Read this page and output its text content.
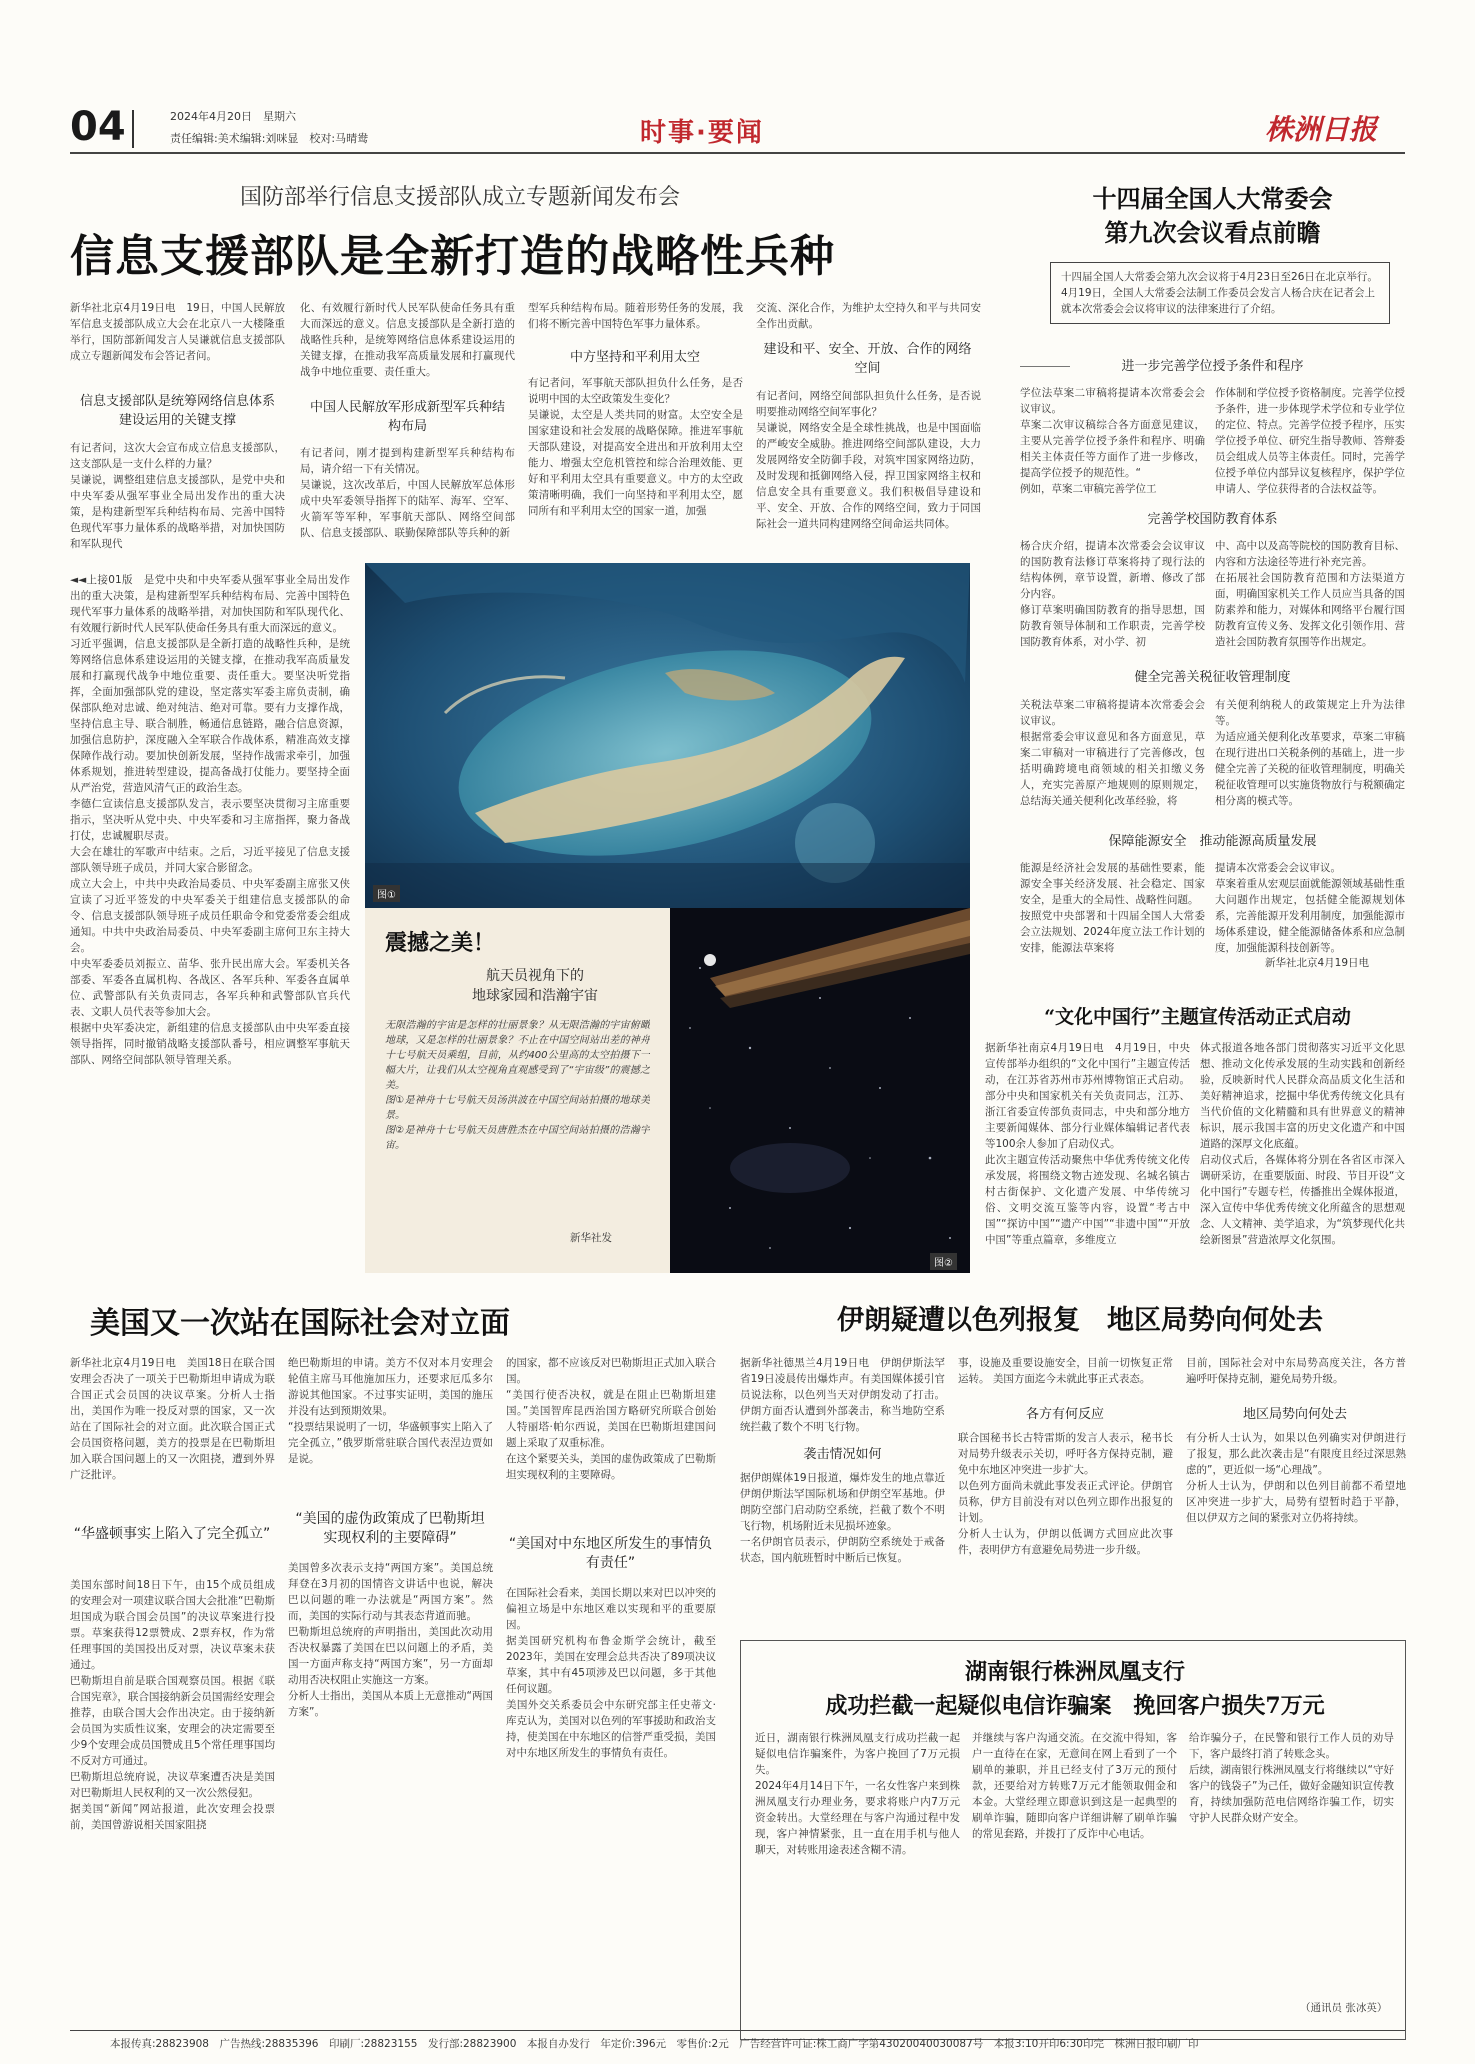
04	2024年4月20日　星期六
责任编辑:美术编辑:刘咪显　校对:马晴鸯	时事·要闻	株洲日报
国防部举行信息支援部队成立专题新闻发布会
信息支援部队是全新打造的战略性兵种
新华社北京4月19日电　19日，中国人民解放军信息支援部队成立大会在北京八一大楼隆重举行，国防部新闻发言人吴谦就信息支援部队成立专题新闻发布会答记者问。
信息支援部队是统筹网络信息体系建设运用的关键支撑
有记者问，这次大会宣布成立信息支援部队，这支部队是一支什么样的力量？
吴谦说，调整组建信息支援部队，是党中央和中央军委从强军事业全局出发作出的重大决策，是构建新型军兵种结构布局、完善中国特色现代军事力量体系的战略举措，对加快国防和军队现代
化、有效履行新时代人民军队使命任务具有重大而深远的意义。信息支援部队是全新打造的战略性兵种，是统筹网络信息体系建设运用的关键支撑，在推动我军高质量发展和打赢现代战争中地位重要、责任重大。
中国人民解放军形成新型军兵种结构布局
有记者问，刚才提到构建新型军兵种结构布局，请介绍一下有关情况。
吴谦说，这次改革后，中国人民解放军总体形成中央军委领导指挥下的陆军、海军、空军、火箭军等军种，军事航天部队、网络空间部队、信息支援部队、联勤保障部队等兵种的新
型军兵种结构布局。随着形势任务的发展，我们将不断完善中国特色军事力量体系。
中方坚持和平利用太空
有记者问，军事航天部队担负什么任务，是否说明中国的太空政策发生变化？
吴谦说，太空是人类共同的财富。太空安全是国家建设和社会发展的战略保障。推进军事航天部队建设，对提高安全进出和开放利用太空能力、增强太空危机管控和综合治理效能、更好和平利用太空具有重要意义。中方的太空政策清晰明确，我们一向坚持和平利用太空，愿同所有和平利用太空的国家一道，加强
交流、深化合作，为维护太空持久和平与共同安全作出贡献。
建设和平、安全、开放、合作的网络空间
有记者问，网络空间部队担负什么任务，是否说明要推动网络空间军事化？
吴谦说，网络安全是全球性挑战，也是中国面临的严峻安全威胁。推进网络空间部队建设，大力发展网络安全防御手段，对筑牢国家网络边防，及时发现和抵御网络入侵，捍卫国家网络主权和信息安全具有重要意义。我们积极倡导建设和平、安全、开放、合作的网络空间，致力于同国际社会一道共同构建网络空间命运共同体。
十四届全国人大常委会
第九次会议看点前瞻
十四届全国人大常委会第九次会议将于4月23日至26日在北京举行。4月19日，全国人大常委会法制工作委员会发言人杨合庆在记者会上就本次常委会会议将审议的法律案进行了介绍。
进一步完善学位授予条件和程序
学位法草案二审稿将提请本次常委会会议审议。
草案二次审议稿综合各方面意见建议，主要从完善学位授予条件和程序、明确相关主体责任等方面作了进一步修改，提高学位授予的规范性。“
例如，草案二审稿完善学位工
作体制和学位授予资格制度。完善学位授予条件，进一步体现学术学位和专业学位的定位、特点。完善学位授予程序，压实学位授予单位、研究生指导教师、答辩委员会组成人员等主体责任。同时，完善学位授予单位内部异议复核程序，保护学位申请人、学位获得者的合法权益等。
完善学校国防教育体系
杨合庆介绍，提请本次常委会会议审议的国防教育法修订草案将持了现行法的结构体例，章节设置，新增、修改了部分内容。
修订草案明确国防教育的指导思想，国防教育领导体制和工作职责，完善学校国防教育体系，对小学、初
中、高中以及高等院校的国防教育目标、内容和方法途径等进行补充完善。
在拓展社会国防教育范围和方法渠道方面，明确国家机关工作人员应当具备的国防素养和能力，对媒体和网络平台履行国防教育宣传义务、发挥文化引领作用、营造社会国防教育氛围等作出规定。
健全完善关税征收管理制度
关税法草案二审稿将提请本次常委会会议审议。
根据常委会审议意见和各方面意见，草案二审稿对一审稿进行了完善修改，包括明确跨境电商领域的相关扣缴义务人，充实完善原产地规则的原则规定，总结海关通关便利化改革经验，将
有关便利纳税人的政策规定上升为法律等。
为适应通关便利化改革要求，草案二审稿在现行进出口关税条例的基础上，进一步健全完善了关税的征收管理制度，明确关税征收管理可以实施货物放行与税额确定相分离的模式等。
保障能源安全　推动能源高质量发展
能源是经济社会发展的基础性要素，能源安全事关经济发展、社会稳定、国家安全，是重大的全局性、战略性问题。
按照党中央部署和十四届全国人大常委会立法规划、2024年度立法工作计划的安排，能源法草案将
提请本次常委会会议审议。
草案着重从宏观层面就能源领域基础性重大问题作出规定，包括健全能源规划体系，完善能源开发利用制度，加强能源市场体系建设，健全能源储备体系和应急制度，加强能源科技创新等。
新华社北京4月19日电
◄◄上接01版　是党中央和中央军委从强军事业全局出发作出的重大决策，是构建新型军兵种结构布局、完善中国特色现代军事力量体系的战略举措，对加快国防和军队现代化、有效履行新时代人民军队使命任务具有重大而深远的意义。
习近平强调，信息支援部队是全新打造的战略性兵种，是统筹网络信息体系建设运用的关键支撑，在推动我军高质量发展和打赢现代战争中地位重要、责任重大。要坚决听党指挥，全面加强部队党的建设，坚定落实军委主席负责制，确保部队绝对忠诚、绝对纯洁、绝对可靠。要有力支撑作战，坚持信息主导、联合制胜，畅通信息链路，融合信息资源，加强信息防护，深度融入全军联合作战体系，精准高效支撑保障作战行动。要加快创新发展，坚持作战需求牵引，加强体系规划，推进转型建设，提高备战打仗能力。要坚持全面从严治党，营造风清气正的政治生态。
李德仁宣读信息支援部队发言，表示要坚决贯彻习主席重要指示，坚决听从党中央、中央军委和习主席指挥，聚力备战打仗，忠诚履职尽责。
大会在雄壮的军歌声中结束。之后，习近平接见了信息支援部队领导班子成员，并同大家合影留念。
成立大会上，中共中央政治局委员、中央军委副主席张又侠宣读了习近平签发的中央军委关于组建信息支援部队的命令、信息支援部队领导班子成员任职命令和党委常委会组成通知。中共中央政治局委员、中央军委副主席何卫东主持大会。
中央军委委员刘振立、苗华、张升民出席大会。军委机关各部委、军委各直属机构、各战区、各军兵种、军委各直属单位、武警部队有关负责同志，各军兵种和武警部队官兵代表、文职人员代表等参加大会。
根据中央军委决定，新组建的信息支援部队由中央军委直接领导指挥，同时撤销战略支援部队番号，相应调整军事航天部队、网络空间部队领导管理关系。
图①
震撼之美！
航天员视角下的
地球家园和浩瀚宇宙
无限浩瀚的宇宙是怎样的壮丽景象？从无限浩瀚的宇宙俯瞰地球，又是怎样的壮丽景象？不止在中国空间站出差的神舟十七号航天员乘组，目前，从约400公里高的太空拍摄下一幅大片，让我们从太空视角直观感受到了“宇宙级”的震撼之美。
图①是神舟十七号航天员汤洪波在中国空间站拍摄的地球美景。
图②是神舟十七号航天员唐胜杰在中国空间站拍摄的浩瀚宇宙。
新华社发
图②
“文化中国行”主题宣传活动正式启动
据新华社南京4月19日电　4月19日，中央宣传部举办组织的“文化中国行”主题宣传活动，在江苏省苏州市苏州博物馆正式启动。部分中央和国家机关有关负责同志，江苏、浙江省委宣传部负责同志，中央和部分地方主要新闻媒体、部分行业媒体编辑记者代表等100余人参加了启动仪式。
此次主题宣传活动聚焦中华优秀传统文化传承发展，将围绕文物古迹发现、名城名镇古村古街保护、文化遗产发展、中华传统习俗、文明交流互鉴等内容，设置“考古中国”“探访中国”“遗产中国”“非遗中国”“开放中国”等重点篇章，多维度立
体式报道各地各部门贯彻落实习近平文化思想、推动文化传承发展的生动实践和创新经验，反映新时代人民群众高品质文化生活和美好精神追求，挖掘中华优秀传统文化具有当代价值的文化精髓和具有世界意义的精神标识，展示我国丰富的历史文化遗产和中国道路的深厚文化底蕴。
启动仪式后，各媒体将分别在各省区市深入调研采访，在重要版面、时段、节目开设“文化中国行”专题专栏，传播推出全媒体报道，深入宣传中华优秀传统文化所蕴含的思想观念、人文精神、美学追求，为“筑梦现代化共绘新图景”营造浓厚文化氛围。
美国又一次站在国际社会对立面
新华社北京4月19日电　美国18日在联合国安理会否决了一项关于巴勒斯坦申请成为联合国正式会员国的决议草案。分析人士指出，美国作为唯一投反对票的国家，又一次站在了国际社会的对立面。此次联合国正式会员国资格问题，美方的投票是在巴勒斯坦加入联合国问题上的又一次阻挠，遭到外界广泛批评。
“华盛顿事实上陷入了完全孤立”
美国东部时间18日下午，由15个成员组成的安理会对一项建议联合国大会批准“巴勒斯坦国成为联合国会员国”的决议草案进行投票。草案获得12票赞成、2票弃权，作为常任理事国的美国投出反对票，决议草案未获通过。
巴勒斯坦自前是联合国观察员国。根据《联合国宪章》，联合国接纳新会员国需经安理会推荐，由联合国大会作出决定。由于接纳新会员国为实质性议案，安理会的决定需要至少9个安理会成员国赞成且5个常任理事国均不反对方可通过。
巴勒斯坦总统府说，决议草案遭否决是美国对巴勒斯坦人民权利的又一次公然侵犯。
据美国“新闻”网站报道，此次安理会投票前，美国曾游说相关国家阻挠
绝巴勒斯坦的申请。美方不仅对本月安理会轮值主席马耳他施加压力，还要求厄瓜多尔游说其他国家。不过事实证明，美国的施压并没有达到预期效果。
“投票结果说明了一切，华盛顿事实上陷入了完全孤立，”俄罗斯常驻联合国代表涅边贾如是说。
“美国的虚伪政策成了巴勒斯坦实现权利的主要障碍”
美国曾多次表示支持“两国方案”。美国总统拜登在3月初的国情咨文讲话中也说，解决巴以问题的唯一办法就是“两国方案”。然而，美国的实际行动与其表态背道而驰。
巴勒斯坦总统府的声明指出，美国此次动用否决权暴露了美国在巴以问题上的矛盾，美国一方面声称支持“两国方案”，另一方面却动用否决权阻止实施这一方案。
分析人士指出，美国从本质上无意推动“两国方案”。
的国家，都不应该反对巴勒斯坦正式加入联合国。
“美国行使否决权，就是在阻止巴勒斯坦建国。”美国智库昆西治国方略研究所联合创始人特丽塔·帕尔西说，美国在巴勒斯坦建国问题上采取了双重标准。
在这个紧要关头，美国的虚伪政策成了巴勒斯坦实现权利的主要障碍。
“美国对中东地区所发生的事情负有责任”
在国际社会看来，美国长期以来对巴以冲突的偏袒立场是中东地区难以实现和平的重要原因。
据美国研究机构布鲁金斯学会统计，截至2023年，美国在安理会总共否决了89项决议草案，其中有45项涉及巴以问题，多于其他任何议题。
美国外交关系委员会中东研究部主任史蒂文·库克认为，美国对以色列的军事援助和政治支持，使美国在中东地区的信誉严重受损，美国对中东地区所发生的事情负有责任。
伊朗疑遭以色列报复　地区局势向何处去
据新华社德黑兰4月19日电　伊朗伊斯法罕省19日凌晨传出爆炸声。有美国媒体援引官员说法称，以色列当天对伊朗发动了打击。伊朗方面否认遭到外部袭击，称当地防空系统拦截了数个不明飞行物。
袭击情况如何
据伊朗媒体19日报道，爆炸发生的地点靠近伊朗伊斯法罕国际机场和伊朗空军基地。伊朗防空部门启动防空系统，拦截了数个不明飞行物，机场附近未见损坏迹象。
一名伊朗官员表示，伊朗防空系统处于戒备状态，国内航班暂时中断后已恢复。
事，设施及重要设施安全，目前一切恢复正常运转。 美国方面迄今未就此事正式表态。
各方有何反应
联合国秘书长古特雷斯的发言人表示，秘书长对局势升级表示关切，呼吁各方保持克制，避免中东地区冲突进一步扩大。
以色列方面尚未就此事发表正式评论。伊朗官员称，伊方目前没有对以色列立即作出报复的计划。
分析人士认为，伊朗以低调方式回应此次事件，表明伊方有意避免局势进一步升级。
目前，国际社会对中东局势高度关注，各方普遍呼吁保持克制，避免局势升级。
地区局势向何处去
有分析人士认为，如果以色列确实对伊朗进行了报复，那么此次袭击是“有限度且经过深思熟虑的”，更近似一场“心理战”。
分析人士认为，伊朗和以色列目前都不希望地区冲突进一步扩大，局势有望暂时趋于平静，但以伊双方之间的紧张对立仍将持续。
湖南银行株洲凤凰支行
成功拦截一起疑似电信诈骗案　挽回客户损失7万元
近日，湖南银行株洲凤凰支行成功拦截一起疑似电信诈骗案件，为客户挽回了7万元损失。
2024年4月14日下午，一名女性客户来到株洲凤凰支行办理业务，要求将账户内7万元资金转出。大堂经理在与客户沟通过程中发现，客户神情紧张，且一直在用手机与他人聊天，对转账用途表述含糊不清。
并继续与客户沟通交流。在交流中得知，客户一直待在在家，无意间在网上看到了一个刷单的兼职，并且已经支付了3万元的预付款，还要给对方转账7万元才能领取佣金和本金。大堂经理立即意识到这是一起典型的刷单诈骗，随即向客户详细讲解了刷单诈骗的常见套路，并拨打了反诈中心电话。
给诈骗分子，在民警和银行工作人员的劝导下，客户最终打消了转账念头。
后续，湖南银行株洲凤凰支行将继续以“守好客户的钱袋子”为己任，做好金融知识宣传教育，持续加强防范电信网络诈骗工作，切实守护人民群众财产安全。
（通讯员 张冰英）
本报传真:28823908　广告热线:28835396　印刷厂:28823155　发行部:28823900　本报自办发行　年定价:396元　零售价:2元　广告经营许可证:株工商广字第43020040030087号　本报3:10开印6:30印完　株洲日报印刷厂印
